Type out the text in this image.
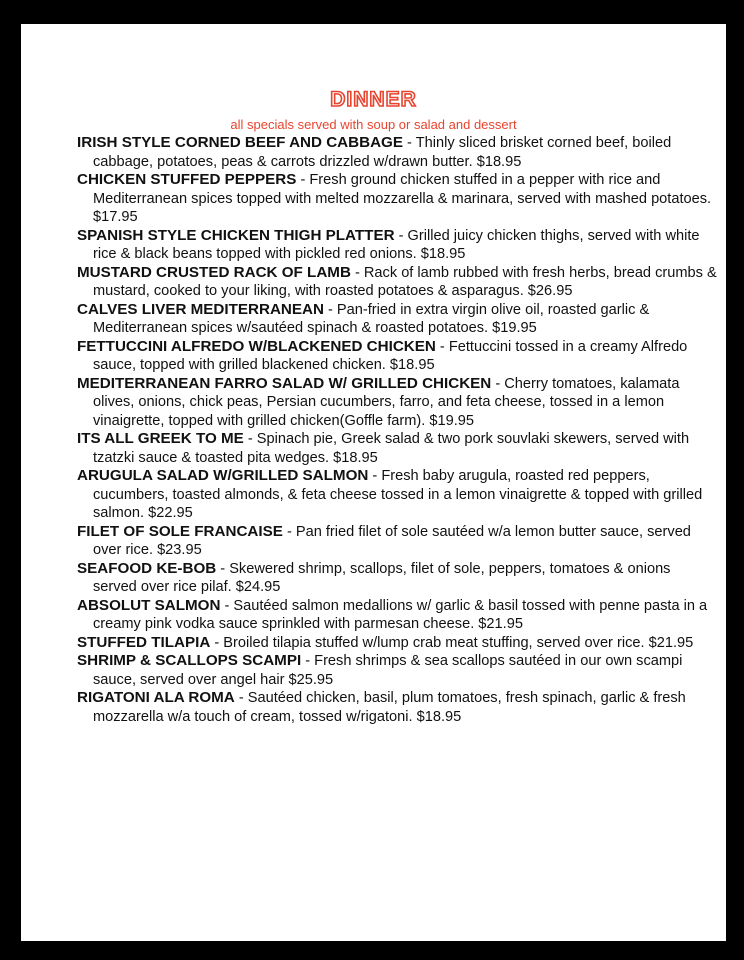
DINNER
all specials served with soup or salad and dessert

IRISH STYLE CORNED BEEF AND CABBAGE - Thinly sliced brisket corned beef, boiled cabbage, potatoes, peas & carrots drizzled w/drawn butter. $18.95

CHICKEN STUFFED PEPPERS - Fresh ground chicken stuffed in a pepper with rice and Mediterranean spices topped with melted mozzarella & marinara, served with mashed potatoes. $17.95

SPANISH STYLE CHICKEN THIGH PLATTER - Grilled juicy chicken thighs, served with white rice & black beans topped with pickled red onions. $18.95

MUSTARD CRUSTED RACK OF LAMB - Rack of lamb rubbed with fresh herbs, bread crumbs & mustard, cooked to your liking, with roasted potatoes & asparagus. $26.95

CALVES LIVER MEDITERRANEAN - Pan-fried in extra virgin olive oil, roasted garlic & Mediterranean spices w/sautéed spinach & roasted potatoes. $19.95

FETTUCCINI ALFREDO W/BLACKENED CHICKEN - Fettuccini tossed in a creamy Alfredo sauce, topped with grilled blackened chicken. $18.95

MEDITERRANEAN FARRO SALAD W/ GRILLED CHICKEN - Cherry tomatoes, kalamata olives, onions, chick peas, Persian cucumbers, farro, and feta cheese, tossed in a lemon vinaigrette, topped with grilled chicken(Goffle farm). $19.95

ITS ALL GREEK TO ME - Spinach pie, Greek salad & two pork souvlaki skewers, served with tzatzki sauce & toasted pita wedges. $18.95

ARUGULA SALAD W/GRILLED SALMON - Fresh baby arugula, roasted red peppers, cucumbers, toasted almonds, & feta cheese tossed in a lemon vinaigrette & topped with grilled salmon. $22.95

FILET OF SOLE FRANCAISE - Pan fried filet of sole sautéed w/a lemon butter sauce, served over rice. $23.95

SEAFOOD KE-BOB - Skewered shrimp, scallops, filet of sole, peppers, tomatoes & onions served over rice pilaf. $24.95

ABSOLUT SALMON - Sautéed salmon medallions w/ garlic & basil tossed with penne pasta in a creamy pink vodka sauce sprinkled with parmesan cheese. $21.95

STUFFED TILAPIA - Broiled tilapia stuffed w/lump crab meat stuffing, served over rice. $21.95

SHRIMP & SCALLOPS SCAMPI - Fresh shrimps & sea scallops sautéed in our own scampi sauce, served over angel hair $25.95

RIGATONI ALA ROMA - Sautéed chicken, basil, plum tomatoes, fresh spinach, garlic & fresh mozzarella w/a touch of cream, tossed w/rigatoni. $18.95
